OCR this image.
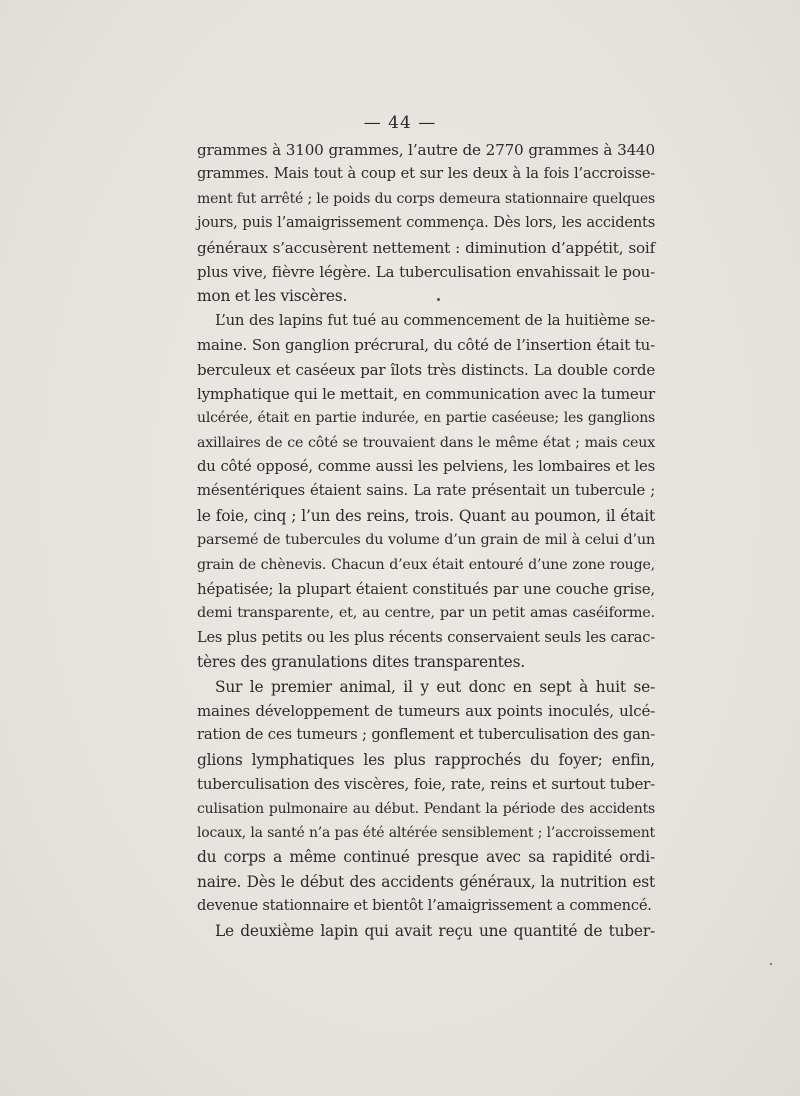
— 44 —
grammes à 3100 grammes, l’autre de 2770 grammes à 3440
grammes. Mais tout à coup et sur les deux à la fois l’accroisse-
ment fut arrêté ; le poids du corps demeura stationnaire quelques
jours, puis l’amaigrissement commença. Dès lors, les accidents
généraux s’accusèrent nettement : diminution d’appétit, soif
plus vive, fièvre légère. La tuberculisation envahissait le pou-
mon et les viscères.
L’un des lapins fut tué au commencement de la huitième se-
maine. Son ganglion précrural, du côté de l’insertion était tu-
berculeux et caséeux par îlots très distincts. La double corde
lymphatique qui le mettait, en communication avec la tumeur
ulcérée, était en partie indurée, en partie caséeuse; les ganglions
axillaires de ce côté se trouvaient dans le même état ; mais ceux
du côté opposé, comme aussi les pelviens, les lombaires et les
mésentériques étaient sains. La rate présentait un tubercule ;
le foie, cinq ; l’un des reins, trois. Quant au poumon, il était
parsemé de tubercules du volume d’un grain de mil à celui d’un
grain de chènevis. Chacun d’eux était entouré d’une zone rouge,
hépatisée; la plupart étaient constitués par une couche grise,
demi transparente, et, au centre, par un petit amas caséiforme.
Les plus petits ou les plus récents conservaient seuls les carac-
tères des granulations dites transparentes.
Sur le premier animal, il y eut donc en sept à huit se-
maines développement de tumeurs aux points inoculés, ulcé-
ration de ces tumeurs ; gonflement et tuberculisation des gan-
glions lymphatiques les plus rapprochés du foyer; enfin,
tuberculisation des viscères, foie, rate, reins et surtout tuber-
culisation pulmonaire au début. Pendant la période des accidents
locaux, la santé n’a pas été altérée sensiblement ; l’accroissement
du corps a même continué presque avec sa rapidité ordi-
naire. Dès le début des accidents généraux, la nutrition est
devenue stationnaire et bientôt l’amaigrissement a commencé.
Le deuxième lapin qui avait reçu une quantité de tuber-
